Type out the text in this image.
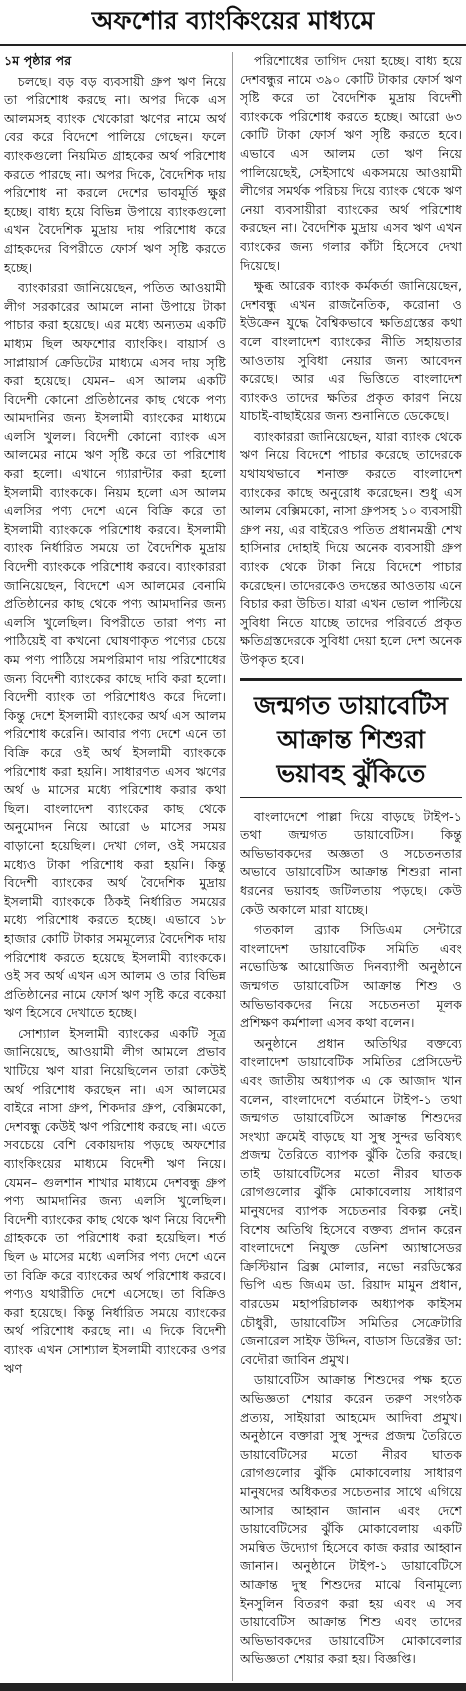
অফশোর ব্যাংকিংয়ের মাধ্যমে

১ম পৃষ্ঠার পর

চলছে। বড় বড় ব্যবসায়ী গ্রুপ ঋণ নিয়ে তা পরিশোধ করছে না। অপর দিকে এস আলমসহ ব্যাংক খেকোরা ঋণের নামে অর্থ বের করে বিদেশে পালিয়ে গেছেন। ফলে ব্যাংকগুলো নিয়মিত গ্রাহকের অর্থ পরিশোধ করতে পারছে না। অপর দিকে, বৈদেশিক দায় পরিশোধ না করলে দেশের ভাবমূর্তি ক্ষুণ্ণ হচ্ছে। বাধ্য হয়ে বিভিন্ন উপায়ে ব্যাংকগুলো এখন বৈদেশিক মুদ্রায় দায় পরিশোধ করে গ্রাহকদের বিপরীতে ফোর্স ঋণ সৃষ্টি করতে হচ্ছে।

ব্যাংকাররা জানিয়েছেন, পতিত আওয়ামী লীগ সরকারের আমলে নানা উপায়ে টাকা পাচার করা হয়েছে। এর মধ্যে অন্যতম একটি মাধ্যম ছিল অফশোর ব্যাংকিং। বায়ার্স ও সাপ্লায়ার্স ক্রেডিটের মাধ্যমে এসব দায় সৃষ্টি করা হয়েছে। যেমন– এস আলম একটি বিদেশী কোনো প্রতিষ্ঠানের কাছ থেকে পণ্য আমদানির জন্য ইসলামী ব্যাংকের মাধ্যমে এলসি খুলল। বিদেশী কোনো ব্যাংক এস আলমের নামে ঋণ সৃষ্টি করে তা পরিশোধ করা হলো। এখানে গ্যারান্টার করা হলো ইসলামী ব্যাংককে। নিয়ম হলো এস আলম এলসির পণ্য দেশে এনে বিক্রি করে তা ইসলামী ব্যাংককে পরিশোধ করবে। ইসলামী ব্যাংক নির্ধারিত সময়ে তা বৈদেশিক মুদ্রায় বিদেশী ব্যাংককে পরিশোধ করবে। ব্যাংকাররা জানিয়েছেন, বিদেশে এস আলমের বেনামি প্রতিষ্ঠানের কাছ থেকে পণ্য আমদানির জন্য এলসি খুলেছিল। বিপরীতে তারা পণ্য না পাঠিয়েই বা কখনো ঘোষণাকৃত পণ্যের চেয়ে কম পণ্য পাঠিয়ে সমপরিমাণ দায় পরিশোধের জন্য বিদেশী ব্যাংকের কাছে দাবি করা হলো। বিদেশী ব্যাংক তা পরিশোধও করে দিলো। কিন্তু দেশে ইসলামী ব্যাংকের অর্থ এস আলম পরিশোধ করেনি। আবার পণ্য দেশে এনে তা বিক্রি করে ওই অর্থ ইসলামী ব্যাংককে পরিশোধ করা হয়নি। সাধারণত এসব ঋণের অর্থ ৬ মাসের মধ্যে পরিশোধ করার কথা ছিল। বাংলাদেশ ব্যাংকের কাছ থেকে অনুমোদন নিয়ে আরো ৬ মাসের সময় বাড়ানো হয়েছিল। দেখা গেল, ওই সময়ের মধ্যেও টাকা পরিশোধ করা হয়নি। কিন্তু বিদেশী ব্যাংকের অর্থ বৈদেশিক মুদ্রায় ইসলামী ব্যাংককে ঠিকই নির্ধারিত সময়ের মধ্যে পরিশোধ করতে হচ্ছে। এভাবে ১৮ হাজার কোটি টাকার সমমূল্যের বৈদেশিক দায় পরিশোধ করতে হয়েছে ইসলামী ব্যাংককে। ওই সব অর্থ এখন এস আলম ও তার বিভিন্ন প্রতিষ্ঠানের নামে ফোর্স ঋণ সৃষ্টি করে বকেয়া ঋণ হিসেবে দেখাতে হচ্ছে।

সোশ্যাল ইসলামী ব্যাংকের একটি সূত্র জানিয়েছে, আওয়ামী লীগ আমলে প্রভাব খাটিয়ে ঋণ যারা নিয়েছিলেন তারা কেউই অর্থ পরিশোধ করছেন না। এস আলমের বাইরে নাসা গ্রুপ, শিকদার গ্রুপ, বেক্সিমকো, দেশবন্ধু কেউই ঋণ পরিশোধ করছে না। এতে সবচেয়ে বেশি বেকায়দায় পড়ছে অফশোর ব্যাংকিংয়ের মাধ্যমে বিদেশী ঋণ নিয়ে। যেমন– গুলশান শাখার মাধ্যমে দেশবন্ধু গ্রুপ পণ্য আমদানির জন্য এলসি খুলেছিল। বিদেশী ব্যাংকের কাছ থেকে ঋণ নিয়ে বিদেশী গ্রাহককে তা পরিশোধ করা হয়েছিল। শর্ত ছিল ৬ মাসের মধ্যে এলসির পণ্য দেশে এনে তা বিক্রি করে ব্যাংকের অর্থ পরিশোধ করবে। পণ্যও যথারীতি দেশে এসেছে। তা বিক্রিও করা হয়েছে। কিন্তু নির্ধারিত সময়ে ব্যাংকের অর্থ পরিশোধ করছে না। এ দিকে বিদেশী ব্যাংক এখন সোশ্যাল ইসলামী ব্যাংকের ওপর ঋণ

পরিশোধের তাগিদ দেয়া হচ্ছে। বাধ্য হয়ে দেশবন্ধুর নামে ৩৯০ কোটি টাকার ফোর্স ঋণ সৃষ্টি করে তা বৈদেশিক মুদ্রায় বিদেশী ব্যাংককে পরিশোধ করতে হচ্ছে। আরো ৬৩ কোটি টাকা ফোর্স ঋণ সৃষ্টি করতে হবে। এভাবে এস আলম তো ঋণ নিয়ে পালিয়েছেই, সেইসাথে একসময়ে আওয়ামী লীগের সমর্থক পরিচয় দিয়ে ব্যাংক থেকে ঋণ নেয়া ব্যবসায়ীরা ব্যাংকের অর্থ পরিশোধ করছেন না। বৈদেশিক মুদ্রায় এসব ঋণ এখন ব্যাংকের জন্য গলার কাঁটা হিসেবে দেখা দিয়েছে।

ক্ষুব্ধ আরেক ব্যাংক কর্মকর্তা জানিয়েছেন, দেশবন্ধু এখন রাজনৈতিক, করোনা ও ইউক্রেন যুদ্ধে বৈশ্বিকভাবে ক্ষতিগ্রস্তের কথা বলে বাংলাদেশ ব্যাংকের নীতি সহায়তার আওতায় সুবিধা নেয়ার জন্য আবেদন করেছে। আর এর ভিত্তিতে বাংলাদেশ ব্যাংকও তাদের ক্ষতির প্রকৃত কারণ নিয়ে যাচাই-বাছাইয়ের জন্য শুনানিতে ডেকেছে।

ব্যাংকাররা জানিয়েছেন, যারা ব্যাংক থেকে ঋণ নিয়ে বিদেশে পাচার করেছে তাদেরকে যথাযথভাবে শনাক্ত করতে বাংলাদেশ ব্যাংকের কাছে অনুরোধ করেছেন। শুধু এস আলম বেক্সিমকো, নাসা গ্রুপসহ ১০ ব্যবসায়ী গ্রুপ নয়, এর বাইরেও পতিত প্রধানমন্ত্রী শেখ হাসিনার দোহাই দিয়ে অনেক ব্যবসায়ী গ্রুপ ব্যাংক থেকে টাকা নিয়ে বিদেশে পাচার করেছেন। তাদেরকেও তদন্তের আওতায় এনে বিচার করা উচিত। যারা এখন ভোল পাল্টিয়ে সুবিধা নিতে যাচ্ছে তাদের পরিবর্তে প্রকৃত ক্ষতিগ্রস্তদেরকে সুবিধা দেয়া হলে দেশ অনেক উপকৃত হবে।

জন্মগত ডায়াবেটিস
আক্রান্ত শিশুরা
ভয়াবহ ঝুঁকিতে

বাংলাদেশে পাল্লা দিয়ে বাড়ছে টাইপ-১ তথা জন্মগত ডায়াবেটিস। কিন্তু অভিভাবকদের অজ্ঞতা ও সচেতনতার অভাবে ডায়াবেটিস আক্রান্ত শিশুরা নানা ধরনের ভয়াবহ জটিলতায় পড়ছে। কেউ কেউ অকালে মারা যাচ্ছে।

গতকাল ব্র্যাক সিডিএম সেন্টারে বাংলাদেশ ডায়াবেটিক সমিতি এবং নভোডিস্ক আয়োজিত দিনব্যাপী অনুষ্ঠানে জন্মগত ডায়াবেটিস আক্রান্ত শিশু ও অভিভাবকদের নিয়ে সচেতনতা মূলক প্রশিক্ষণ কর্মশালা এসব কথা বলেন।

অনুষ্ঠানে প্রধান অতিথির বক্তব্যে বাংলাদেশ ডায়াবেটিক সমিতির প্রেসিডেন্ট এবং জাতীয় অধ্যাপক এ কে আজাদ খান বলেন, বাংলাদেশে বর্তমানে টাইপ-১ তথা জন্মগত ডায়াবেটিসে আক্রান্ত শিশুদের সংখ্যা ক্রমেই বাড়ছে যা সুস্থ সুন্দর ভবিষ্যৎ প্রজন্ম তৈরিতে ব্যাপক ঝুঁকি তৈরি করছে। তাই ডায়াবেটিসের মতো নীরব ঘাতক রোগগুলোর ঝুঁকি মোকাবেলায় সাধারণ মানুষদের ব্যাপক সচেতনার বিকল্প নেই। বিশেষ অতিথি হিসেবে বক্তব্য প্রদান করেন বাংলাদেশে নিযুক্ত ডেনিশ অ্যাম্বাসেডর ক্রিস্টিয়ান ব্রিক্স মোলার, নভো নরডিস্কের ভিপি এন্ড জিএম ডা. রিয়াদ মামুন প্রধান, বারডেম মহাপরিচালক অধ্যাপক কাইসম চৌধুরী, ডায়াবেটিস সমিতির সেক্রেটারি জেনারেল সাইফ উদ্দিন, বাডাস ডিরেক্টর ডা: বেদৌরা জাবিন প্রমুখ।

ডায়াবেটিস আক্রান্ত শিশুদের পক্ষ হতে অভিজ্ঞতা শেয়ার করেন তরুণ সংগঠক প্রত্যয়, সাইয়ারা আহমেদ আদিবা প্রমুখ। অনুষ্ঠানে বক্তারা সুস্থ সুন্দর প্রজন্ম তৈরিতে ডায়াবেটিসের মতো নীরব ঘাতক রোগগুলোর ঝুঁকি মোকাবেলায় সাধারণ মানুষদের অধিকতর সচেতনার সাথে এগিয়ে আসার আহ্বান জানান এবং দেশে ডায়াবেটিসের ঝুঁকি মোকাবেলায় একটি সমন্বিত উদ্যোগ হিসেবে কাজ করার আহ্বান জানান। অনুষ্ঠানে টাইপ-১ ডায়াবেটিসে আক্রান্ত দুস্থ শিশুদের মাঝে বিনামূল্যে ইনসুলিন বিতরণ করা হয় এবং এ সব ডায়াবেটিস আক্রান্ত শিশু এবং তাদের অভিভাবকদের ডায়াবেটিস মোকাবেলার অভিজ্ঞতা শেয়ার করা হয়। বিজ্ঞপ্তি।
